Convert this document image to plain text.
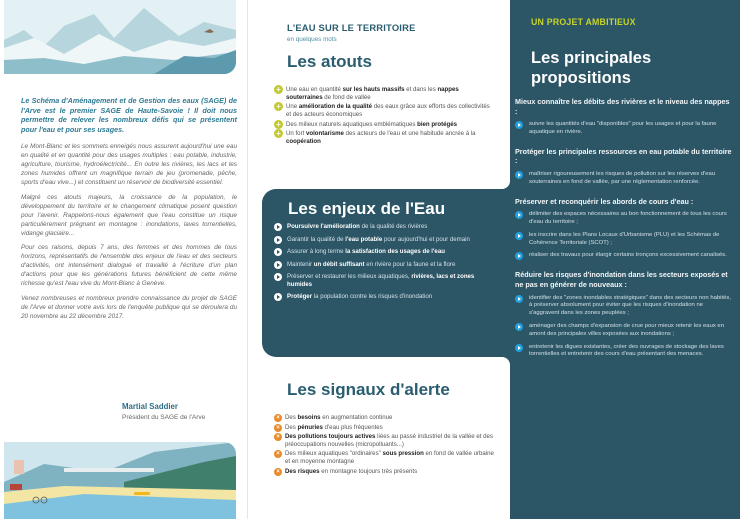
Le Schéma d'Aménagement et de Gestion des eaux (SAGE) de l'Arve est le premier SAGE de Haute-Savoie ! Il doit nous permettre de relever les nombreux défis qui se présentent pour l'eau et pour ses usages.

Le Mont-Blanc et les sommets enneigés nous assurent aujourd'hui une eau en qualité et en quantité pour des usages multiples : eau potable, industrie, agriculture, tourisme, hydroélectricité... En outre les rivières, les lacs et les zones humides offrent un magnifique terrain de jeu (promenade, pêche, sports d'eau vive...) et constituent un réservoir de biodiversité essentiel.

Malgré ces atouts majeurs, la croissance de la population, le développement du territoire et le changement climatique posent question pour l'avenir. Rappelons-nous également que l'eau constitue un risque particulièrement prégnant en montagne : inondations, laves torrentielles, vidange glaciaire...

Pour ces raisons, depuis 7 ans, des femmes et des hommes de tous horizons, représentatifs de l'ensemble des enjeux de l'eau et des secteurs d'activités, ont intensément dialogué et travaillé à l'écriture d'un plan d'actions pour que les générations futures bénéficient de cette même richesse qu'est l'eau vive du Mont-Blanc à Genève.

Venez nombreuses et nombreux prendre connaissance du projet de SAGE de l'Arve et donner votre avis lors de l'enquête publique qui se déroulera du 20 novembre au 22 décembre 2017.

Martial Saddier
Président du SAGE de l'Arve
L'EAU SUR LE TERRITOIRE
en quelques mots
Les atouts
+ Une eau en quantité sur les hauts massifs et dans les nappes souterraines de fond de vallée
+ Une amélioration de la qualité des eaux grâce aux efforts des collectivités et des acteurs économiques
+ Des milieux naturels aquatiques emblématiques bien protégés
+ Un fort volontarisme des acteurs de l'eau et une habitude ancrée à la coopération
Les enjeux de l'Eau
Poursuivre l'amélioration de la qualité des rivières
Garantir la qualité de l'eau potable pour aujourd'hui et pour demain
Assurer à long terme la satisfaction des usages de l'eau
Maintenir un débit suffisant en rivière pour la faune et la flore
Préserver et restaurer les milieux aquatiques, rivières, lacs et zones humides
Protéger la population contre les risques d'inondation
Les signaux d'alerte
× Des besoins en augmentation continue
× Des pénuries d'eau plus fréquentes
× Des pollutions toujours actives liées au passé industriel de la vallée et des préoccupations nouvelles (micropolluants...)
× Des milieux aquatiques "ordinaires" sous pression en fond de vallée urbaine et en moyenne montagne
× Des risques en montagne toujours très présents
UN PROJET AMBITIEUX
Les principales propositions
Mieux connaître les débits des rivières et le niveau des nappes :
suivre les quantités d'eau "disponibles" pour les usages et pour la faune aquatique en rivière.
Protéger les principales ressources en eau potable du territoire :
maîtriser rigoureusement les risques de pollution sur les réserves d'eau souterraines en fond de vallée, par une réglementation renforcée.
Préserver et reconquérir les abords de cours d'eau :
délimiter des espaces nécessaires au bon fonctionnement de tous les cours d'eau du territoire ;
les inscrire dans les Plans Locaux d'Urbanisme (PLU) et les Schémas de Cohérence Territoriale (SCOT) ;
réaliser des travaux pour élargir certains tronçons excessivement canalisés.
Réduire les risques d'inondation dans les secteurs exposés et ne pas en générer de nouveaux :
identifier des "zones inondables stratégiques" dans des secteurs non habités, à préserver absolument pour éviter que les risques d'inondation ne s'aggravent dans les zones peuplées ;
aménager des champs d'expansion de crue pour mieux retenir les eaux en amont des principales villes exposées aux inondations ;
entretenir les digues existantes, créer des ouvrages de stockage des laves torrentielles et entretenir des cours d'eau présentant des menaces.
